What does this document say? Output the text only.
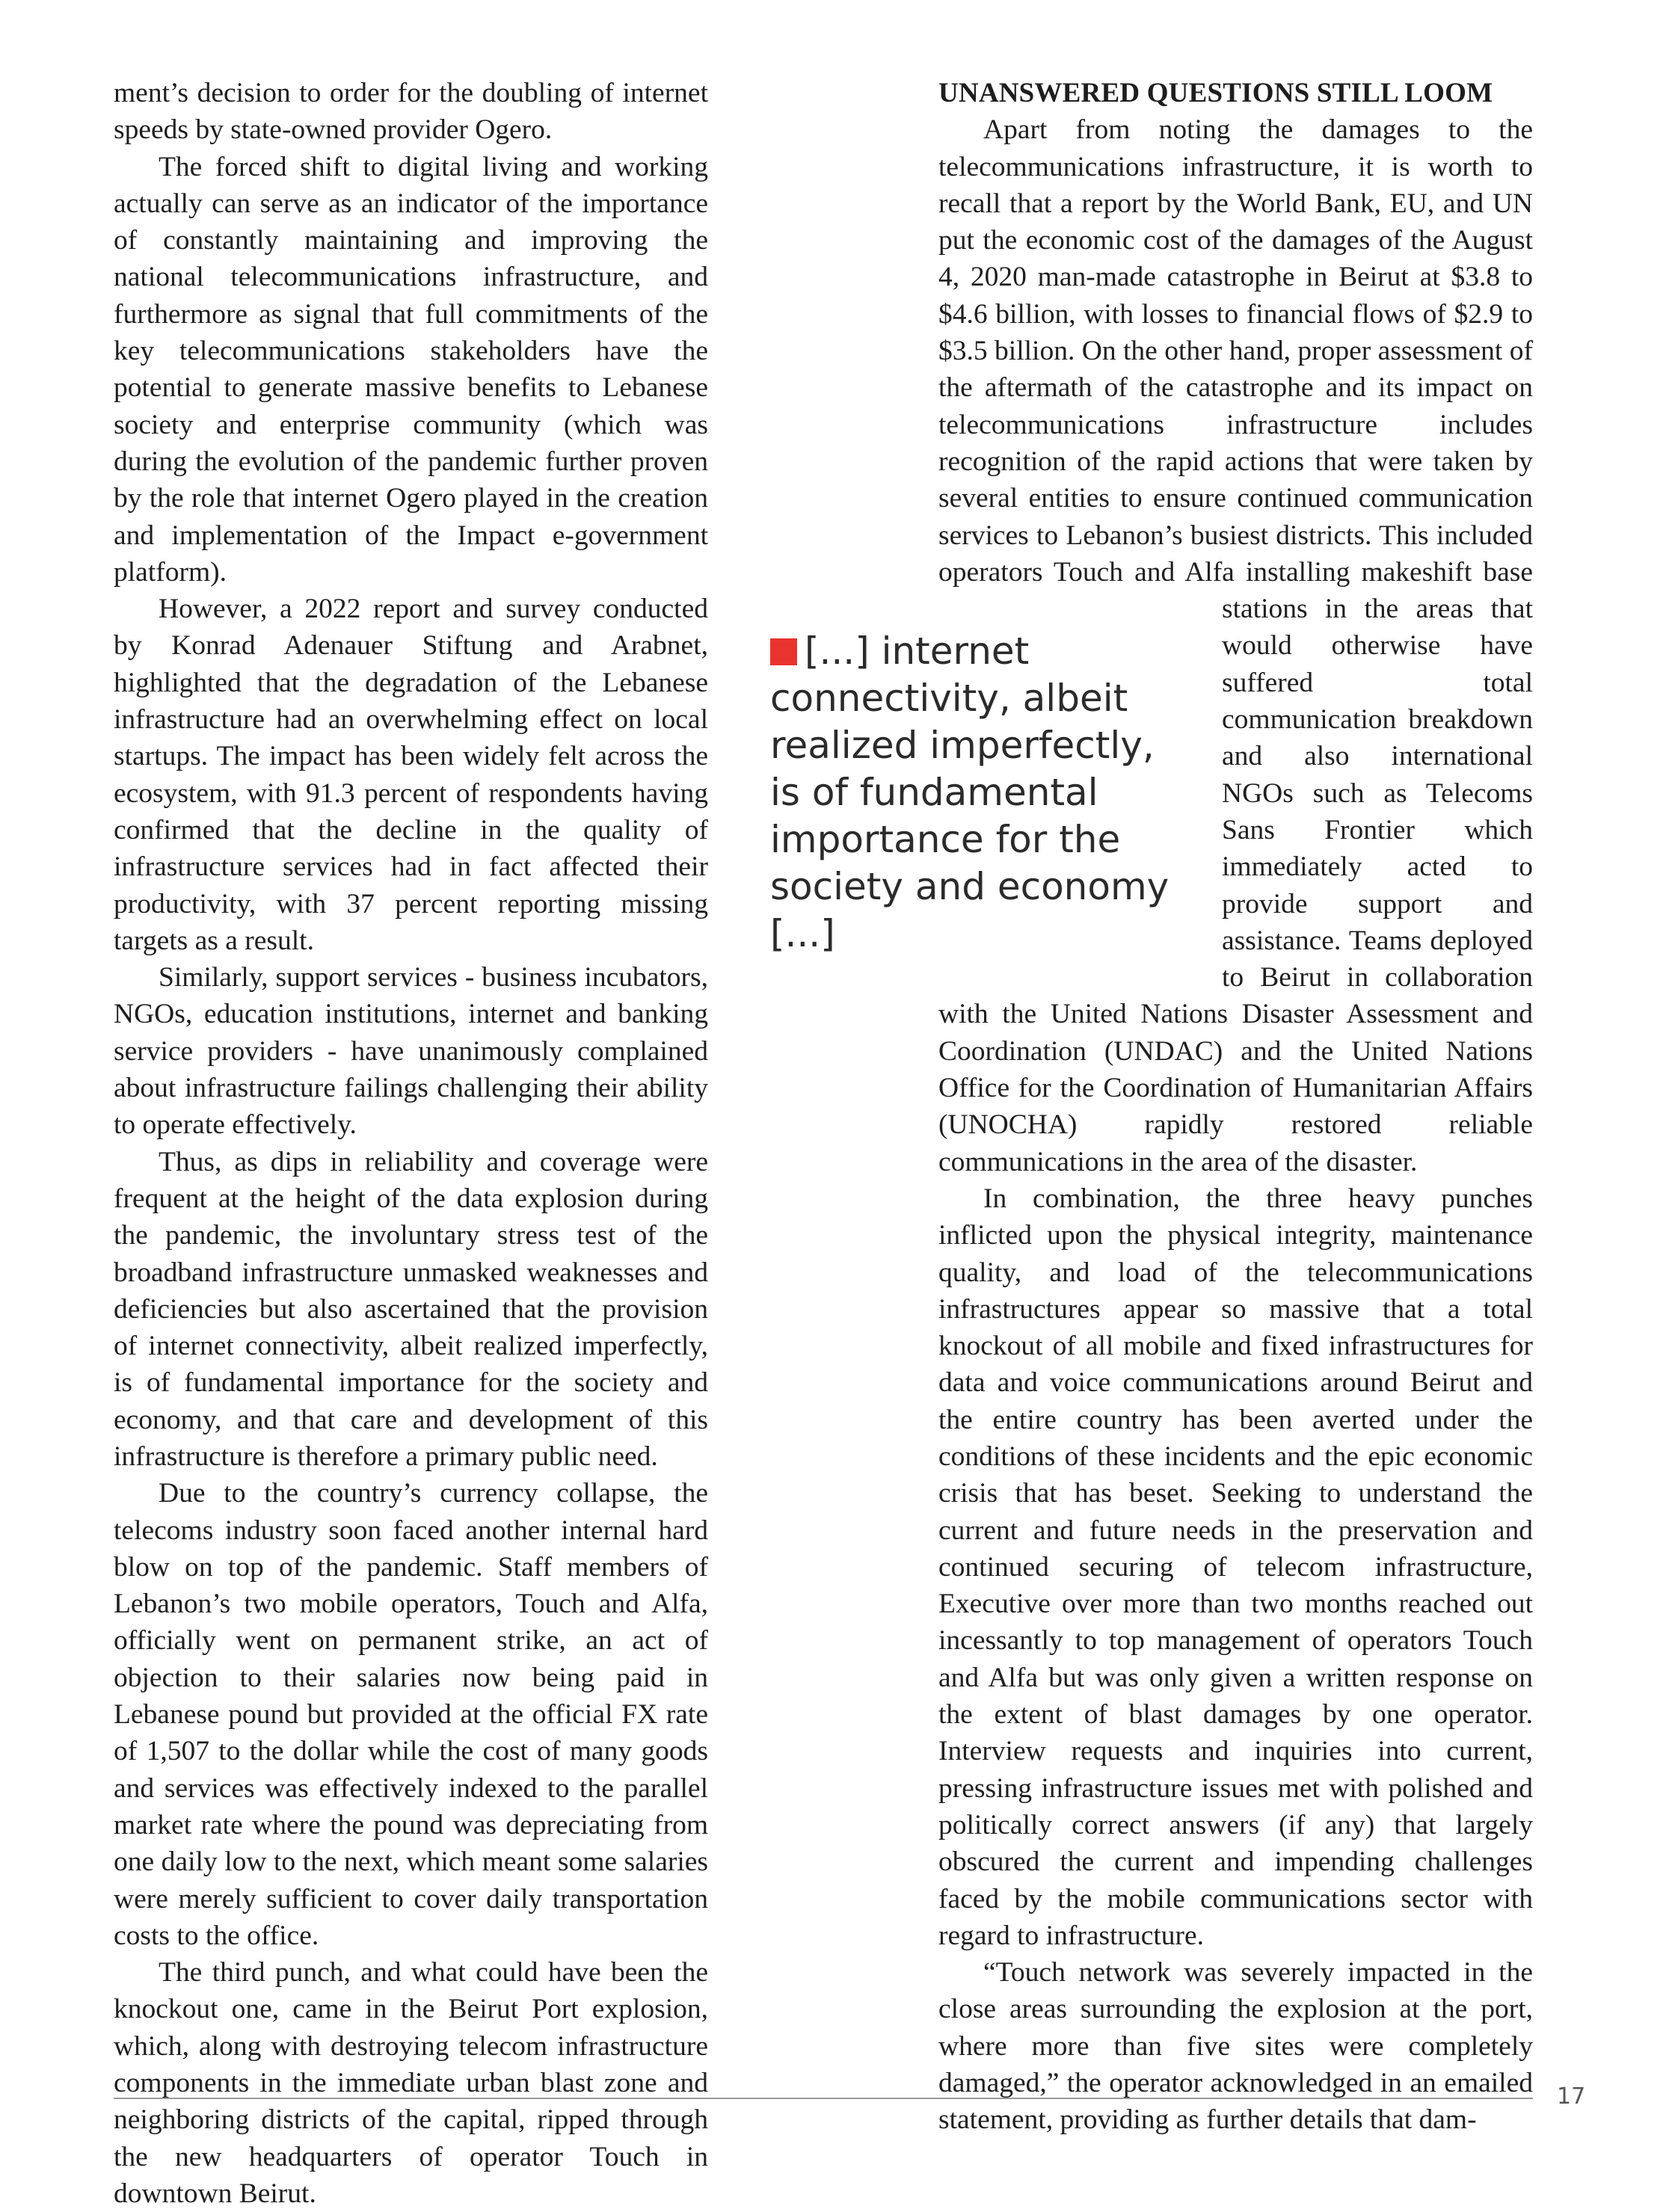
ment’s decision to order for the doubling of internet speeds by state-owned provider Ogero.

The forced shift to digital living and working actually can serve as an indicator of the importance of constantly maintaining and improving the national telecommunications infrastructure, and furthermore as signal that full commitments of the key telecommunications stakeholders have the potential to generate massive benefits to Lebanese society and enterprise community (which was during the evolution of the pandemic further proven by the role that internet Ogero played in the creation and implementation of the Impact e-government platform).

However, a 2022 report and survey conducted by Konrad Adenauer Stiftung and Arabnet, highlighted that the degradation of the Lebanese infrastructure had an overwhelming effect on local startups. The impact has been widely felt across the ecosystem, with 91.3 percent of respondents having confirmed that the decline in the quality of infrastructure services had in fact affected their productivity, with 37 percent reporting missing targets as a result.

Similarly, support services - business incubators, NGOs, education institutions, internet and banking service providers - have unanimously complained about infrastructure failings challenging their ability to operate effectively.

Thus, as dips in reliability and coverage were frequent at the height of the data explosion during the pandemic, the involuntary stress test of the broadband infrastructure unmasked weaknesses and deficiencies but also ascertained that the provision of internet connectivity, albeit realized imperfectly, is of fundamental importance for the society and economy, and that care and development of this infrastructure is therefore a primary public need.

Due to the country’s currency collapse, the telecoms industry soon faced another internal hard blow on top of the pandemic. Staff members of Lebanon’s two mobile operators, Touch and Alfa, officially went on permanent strike, an act of objection to their salaries now being paid in Lebanese pound but provided at the official FX rate of 1,507 to the dollar while the cost of many goods and services was effectively indexed to the parallel market rate where the pound was depreciating from one daily low to the next, which meant some salaries were merely sufficient to cover daily transportation costs to the office.

The third punch, and what could have been the knockout one, came in the Beirut Port explosion, which, along with destroying telecom infrastructure components in the immediate urban blast zone and neighboring districts of the capital, ripped through the new headquarters of operator Touch in downtown Beirut.

UNANSWERED QUESTIONS STILL LOOM

Apart from noting the damages to the telecommunications infrastructure, it is worth to recall that a report by the World Bank, EU, and UN put the economic cost of the damages of the August 4, 2020 man-made catastrophe in Beirut at $3.8 to $4.6 billion, with losses to financial flows of $2.9 to $3.5 billion. On the other hand, proper assessment of the aftermath of the catastrophe and its impact on telecommunications infrastructure includes recognition of the rapid actions that were taken by several entities to ensure continued communication services to Lebanon’s busiest districts. This included operators Touch and Alfa installing makeshift base stations in the areas that would otherwise have suffered total communication breakdown and also international NGOs such as Telecoms Sans Frontier which immediately acted to provide support and assistance. Teams deployed to Beirut in collaboration with the United Nations Disaster Assessment and Coordination (UNDAC) and the United Nations Office for the Coordination of Humanitarian Affairs (UNOCHA) rapidly restored reliable communications in the area of the disaster.

In combination, the three heavy punches inflicted upon the physical integrity, maintenance quality, and load of the telecommunications infrastructures appear so massive that a total knockout of all mobile and fixed infrastructures for data and voice communications around Beirut and the entire country has been averted under the conditions of these incidents and the epic economic crisis that has beset. Seeking to understand the current and future needs in the preservation and continued securing of telecom infrastructure, Executive over more than two months reached out incessantly to top management of operators Touch and Alfa but was only given a written response on the extent of blast damages by one operator. Interview requests and inquiries into current, pressing infrastructure issues met with polished and politically correct answers (if any) that largely obscured the current and impending challenges faced by the mobile communications sector with regard to infrastructure.

“Touch network was severely impacted in the close areas surrounding the explosion at the port, where more than five sites were completely damaged,” the operator acknowledged in an emailed statement, providing as further details that dam-

[...] internet connectivity, albeit realized imperfectly, is of fundamental importance for the society and economy [...]
17
